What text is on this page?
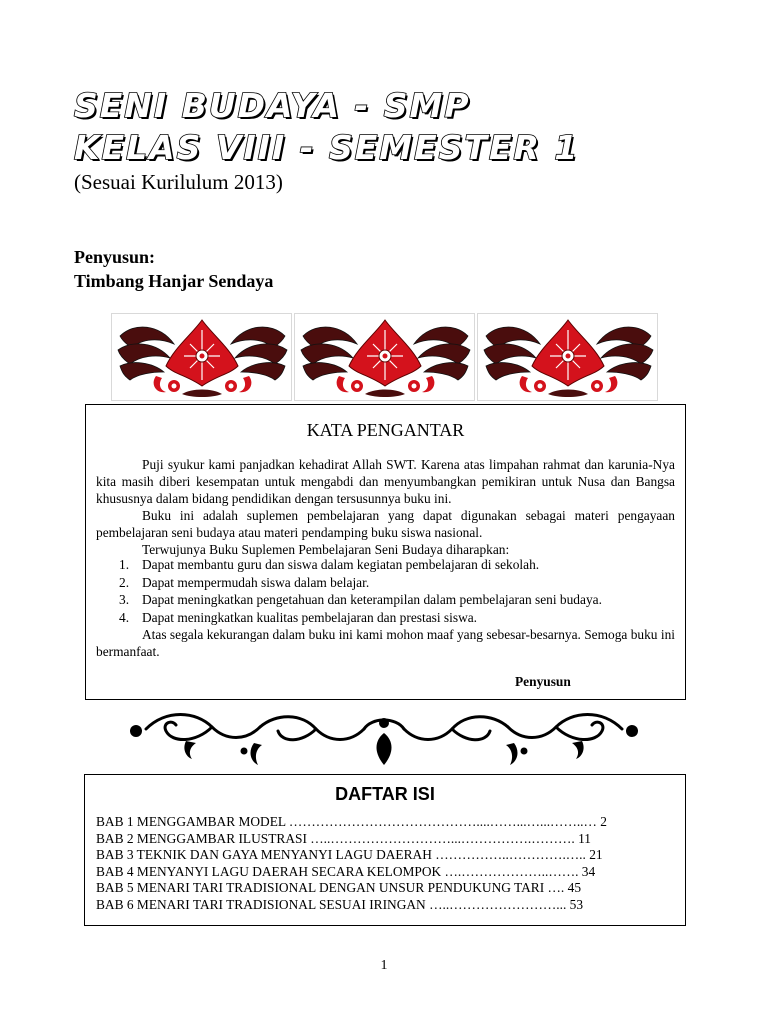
SENI BUDAYA - SMP
KELAS VIII - SEMESTER 1
(Sesuai Kurilulum 2013)
Penyusun:
Timbang Hanjar Sendaya
KATA PENGANTAR
Puji syukur kami panjadkan kehadirat Allah SWT. Karena atas limpahan rahmat dan karunia-Nya kita masih diberi kesempatan untuk mengabdi dan menyumbangkan pemikiran untuk Nusa dan Bangsa khususnya dalam bidang pendidikan dengan tersusunnya buku ini.
Buku ini adalah suplemen pembelajaran yang dapat digunakan sebagai materi pengayaan pembelajaran seni budaya atau materi pendamping buku siswa nasional.
Terwujunya Buku Suplemen Pembelajaran Seni Budaya diharapkan:
1. Dapat membantu guru dan siswa dalam kegiatan pembelajaran di sekolah.
2. Dapat mempermudah siswa dalam belajar.
3. Dapat meningkatkan pengetahuan dan keterampilan dalam pembelajaran seni budaya.
4. Dapat meningkatkan kualitas pembelajaran dan prestasi siswa.
Atas segala kekurangan dalam buku ini kami mohon maaf yang sebesar-besarnya. Semoga buku ini bermanfaat.
Penyusun
DAFTAR ISI
BAB 1 MENGGAMBAR MODEL ……………………………………....……...…...……..… 2
BAB 2 MENGGAMBAR ILUSTRASI …..………………………...…………….………. 11
BAB 3 TEKNIK DAN GAYA MENYANYI LAGU DAERAH ……………..………….….. 21
BAB 4 MENYANYI LAGU DAERAH SECARA KELOMPOK ….………………..……. 34
BAB 5 MENARI TARI TRADISIONAL DENGAN UNSUR PENDUKUNG TARI …. 45
BAB 6 MENARI TARI TRADISIONAL SESUAI IRINGAN …..……………………... 53
1
